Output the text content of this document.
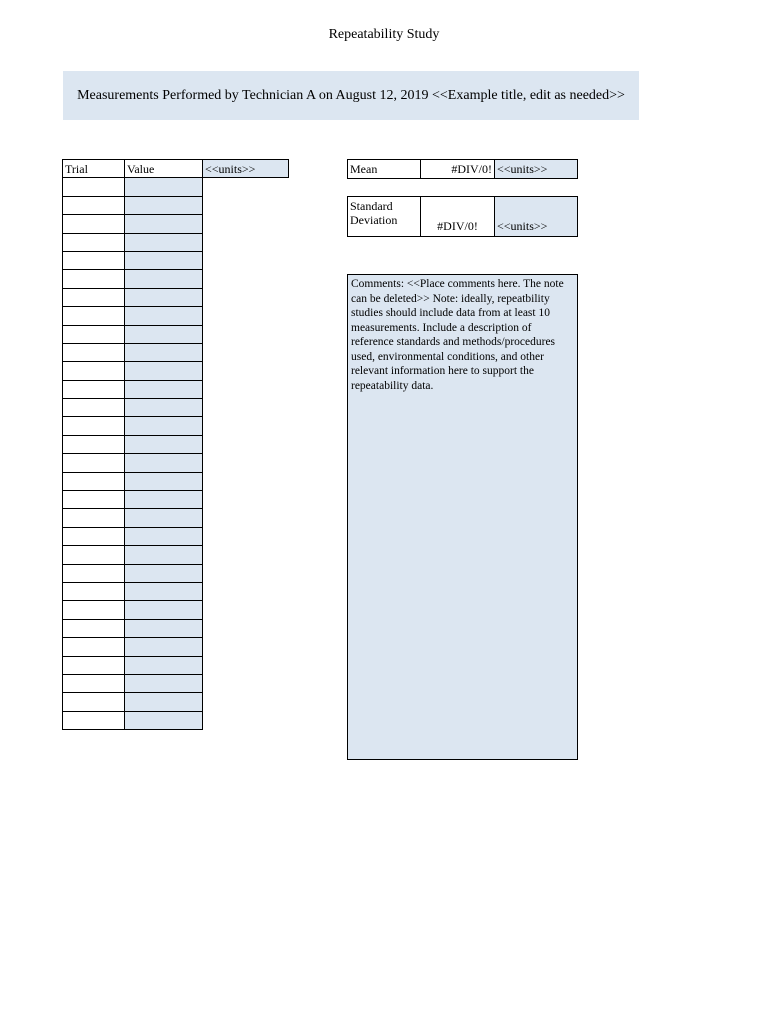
Repeatability Study
Measurements Performed by Technician A on August 12, 2019 <<Example title, edit as needed>>
Trial	Value	<<units>>

			Mean	#DIV/0! <<units>>
Standard Deviation	#DIV/0!	<<units>>
Comments: <<Place comments here. The note can be deleted>> Note: ideally, repeatbility studies should include data from at least 10 measurements. Include a description of reference standards and methods/procedures used, environmental conditions, and other relevant information here to support the repeatability data.
